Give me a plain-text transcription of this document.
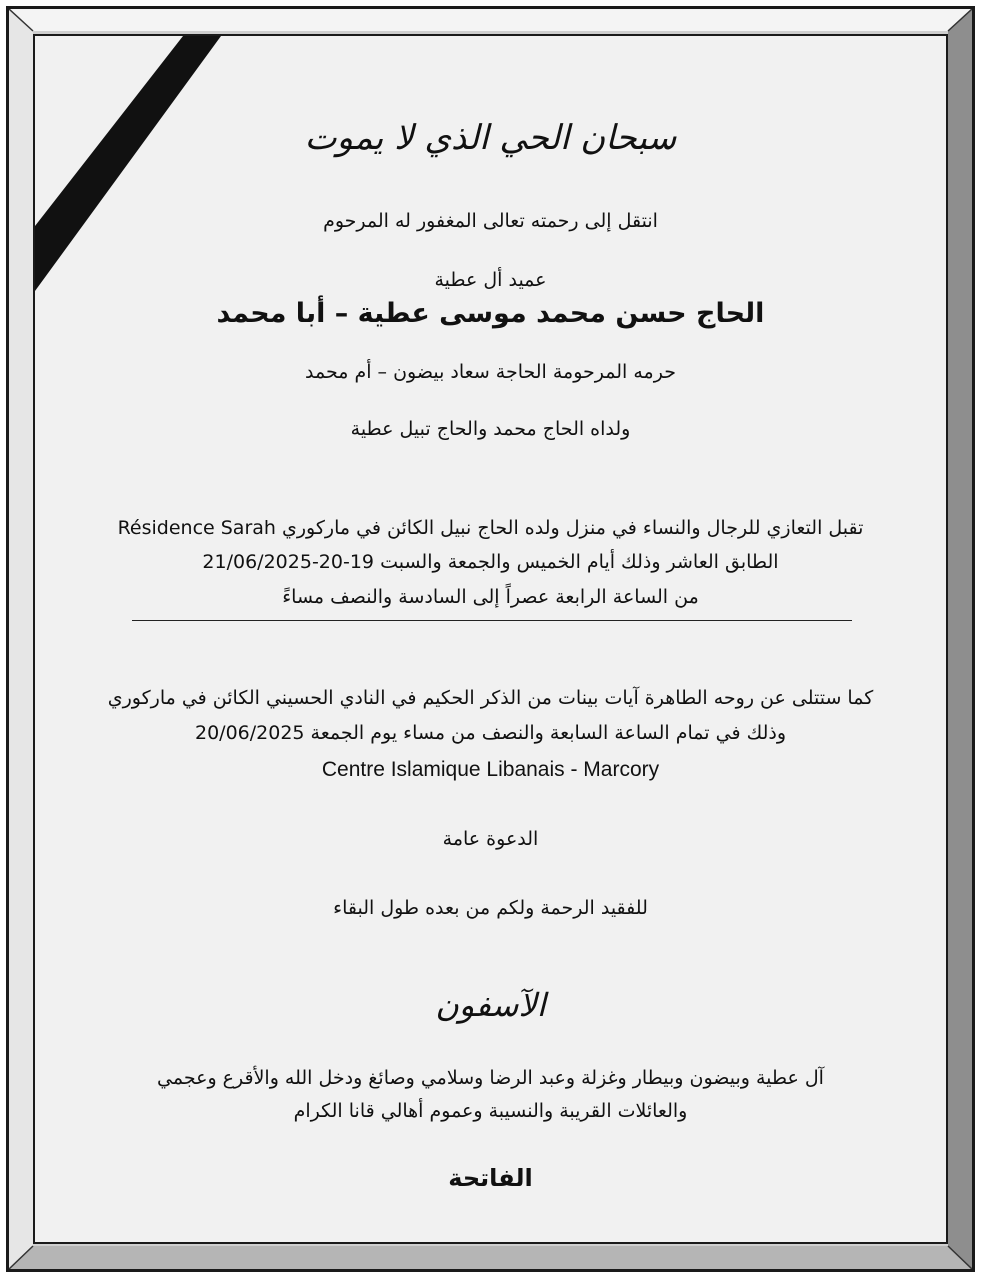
سبحان الحي الذي لا يموت
انتقل إلى رحمته تعالى المغفور له المرحوم
عميد أل عطية
الحاج حسن محمد موسى عطية – أبا محمد
حرمه المرحومة الحاجة سعاد بيضون – أم محمد
ولداه الحاج محمد والحاج تبيل عطية
تقبل التعازي للرجال والنساء في منزل ولده الحاج نبيل الكائن في ماركوري Résidence Sarah
الطابق العاشر وذلك أيام الخميس والجمعة والسبت 19-20-21/06/2025
من الساعة الرابعة عصراً إلى السادسة والنصف مساءً
كما ستتلى عن روحه الطاهرة آيات بينات من الذكر الحكيم في النادي الحسيني الكائن في ماركوري
وذلك في تمام الساعة السابعة والنصف من مساء يوم الجمعة 20/06/2025
Centre Islamique Libanais - Marcory
الدعوة عامة
للفقيد الرحمة ولكم من بعده طول البقاء
الآسفون
آل عطية وبيضون وبيطار وغزلة وعبد الرضا وسلامي وصائغ ودخل الله والأقرع وعجمي
والعائلات القريبة والنسيبة وعموم أهالي قانا الكرام
الفاتحة
